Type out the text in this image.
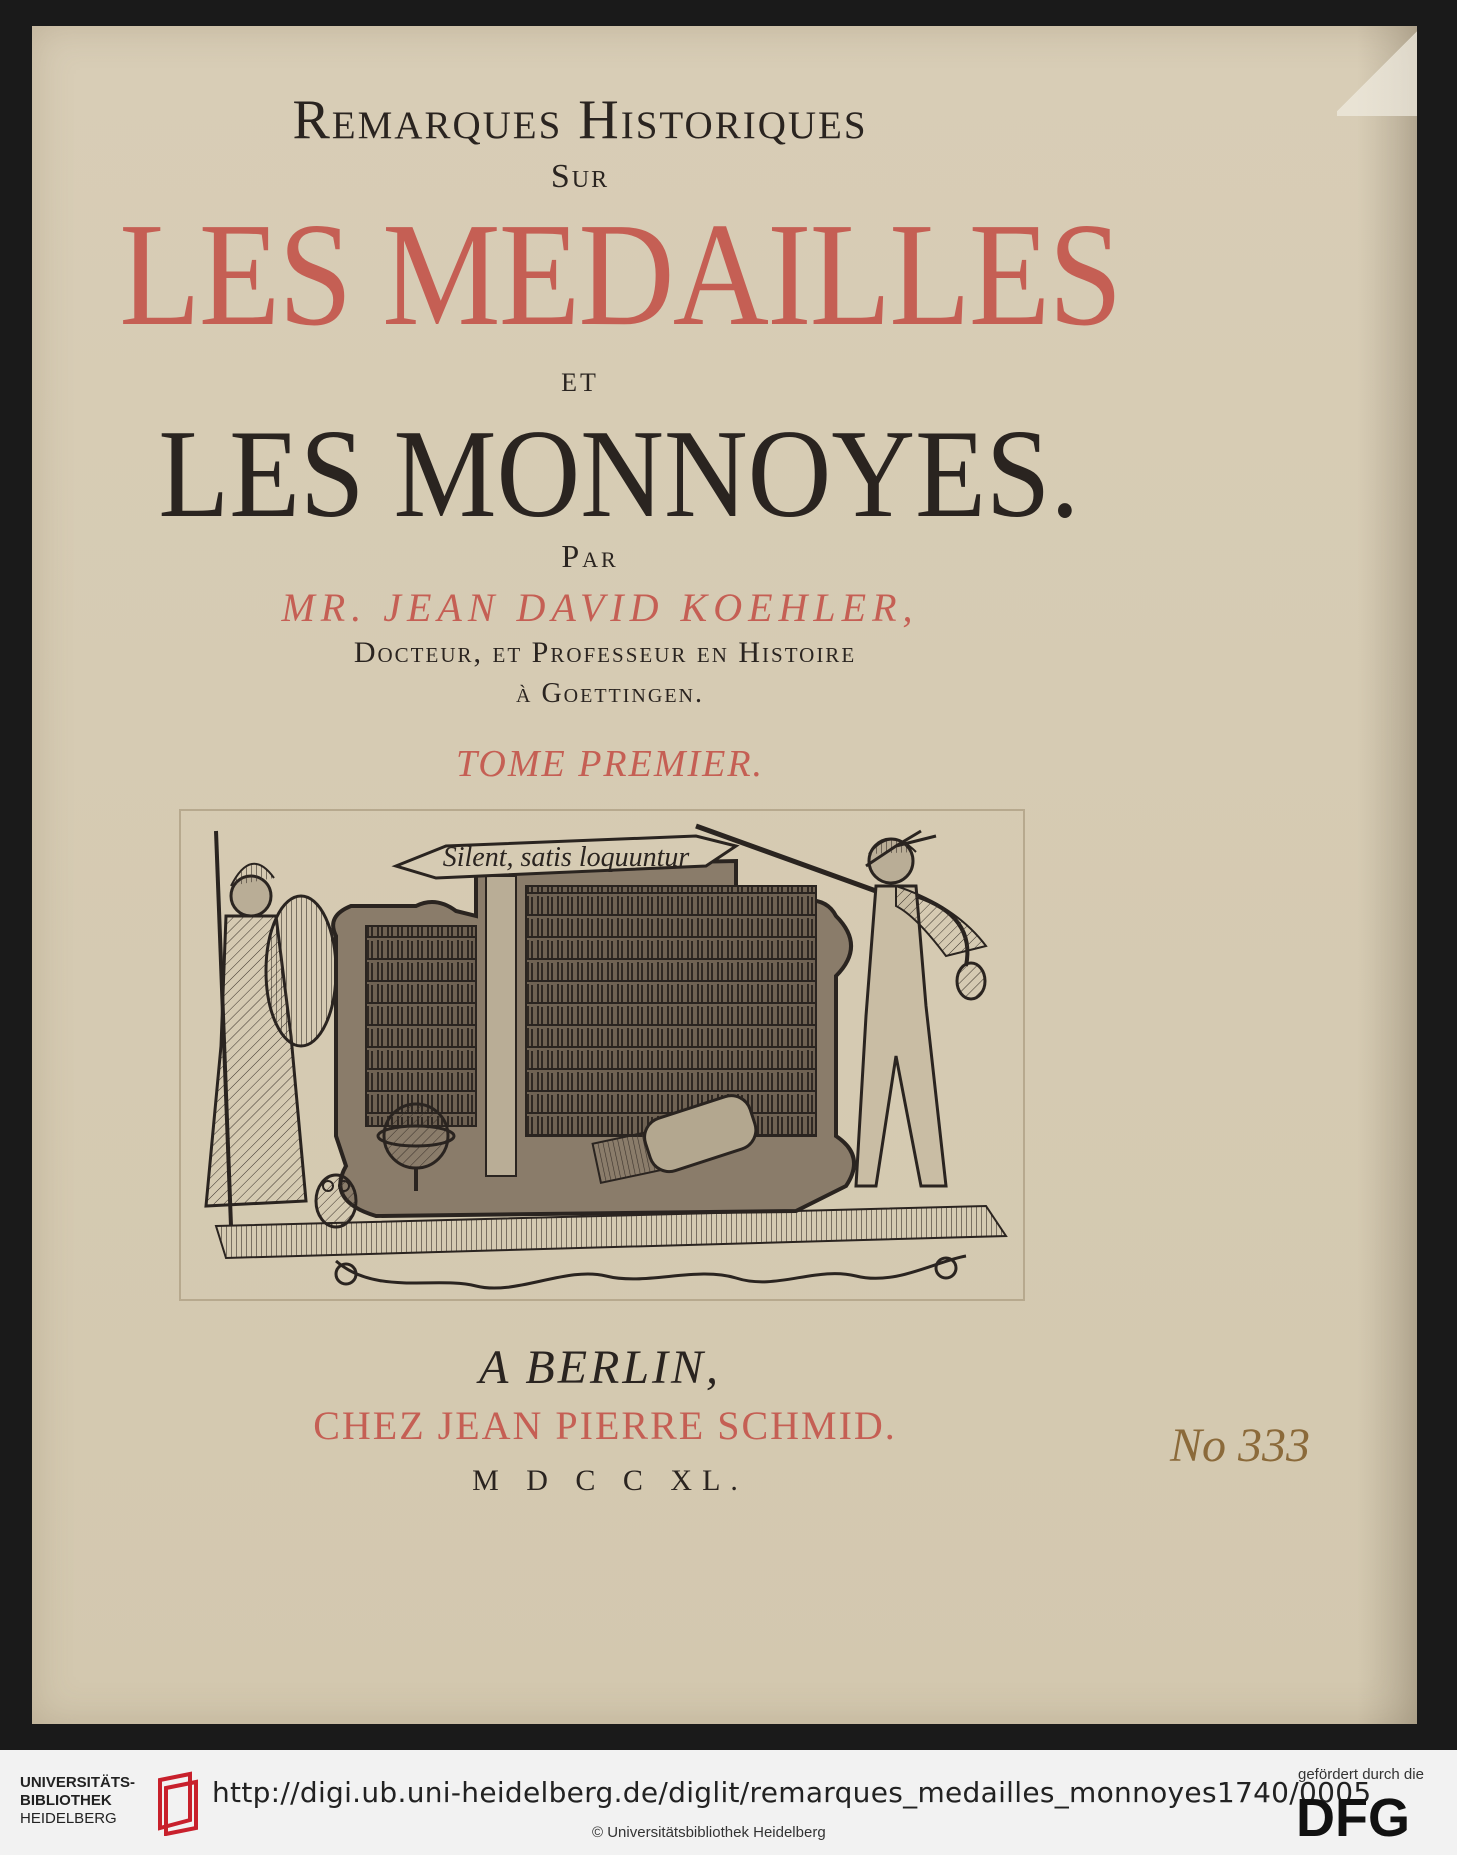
Remarques Historiques
Sur
LES MEDAILLES
ET
LES MONNOYES.
Par
MR. JEAN DAVID KOEHLER,
Docteur, et Professeur en Histoire
à Goettingen.
TOME PREMIER.
Silent, satis loquuntur
A BERLIN,
CHEZ JEAN PIERRE SCHMID.
M D C C XL.
No 333
UNIVERSITÄTS-
BIBLIOTHEK
HEIDELBERG
http://digi.ub.uni-heidelberg.de/diglit/remarques_medailles_monnoyes1740/0005
© Universitätsbibliothek Heidelberg
gefördert durch die
DFG
